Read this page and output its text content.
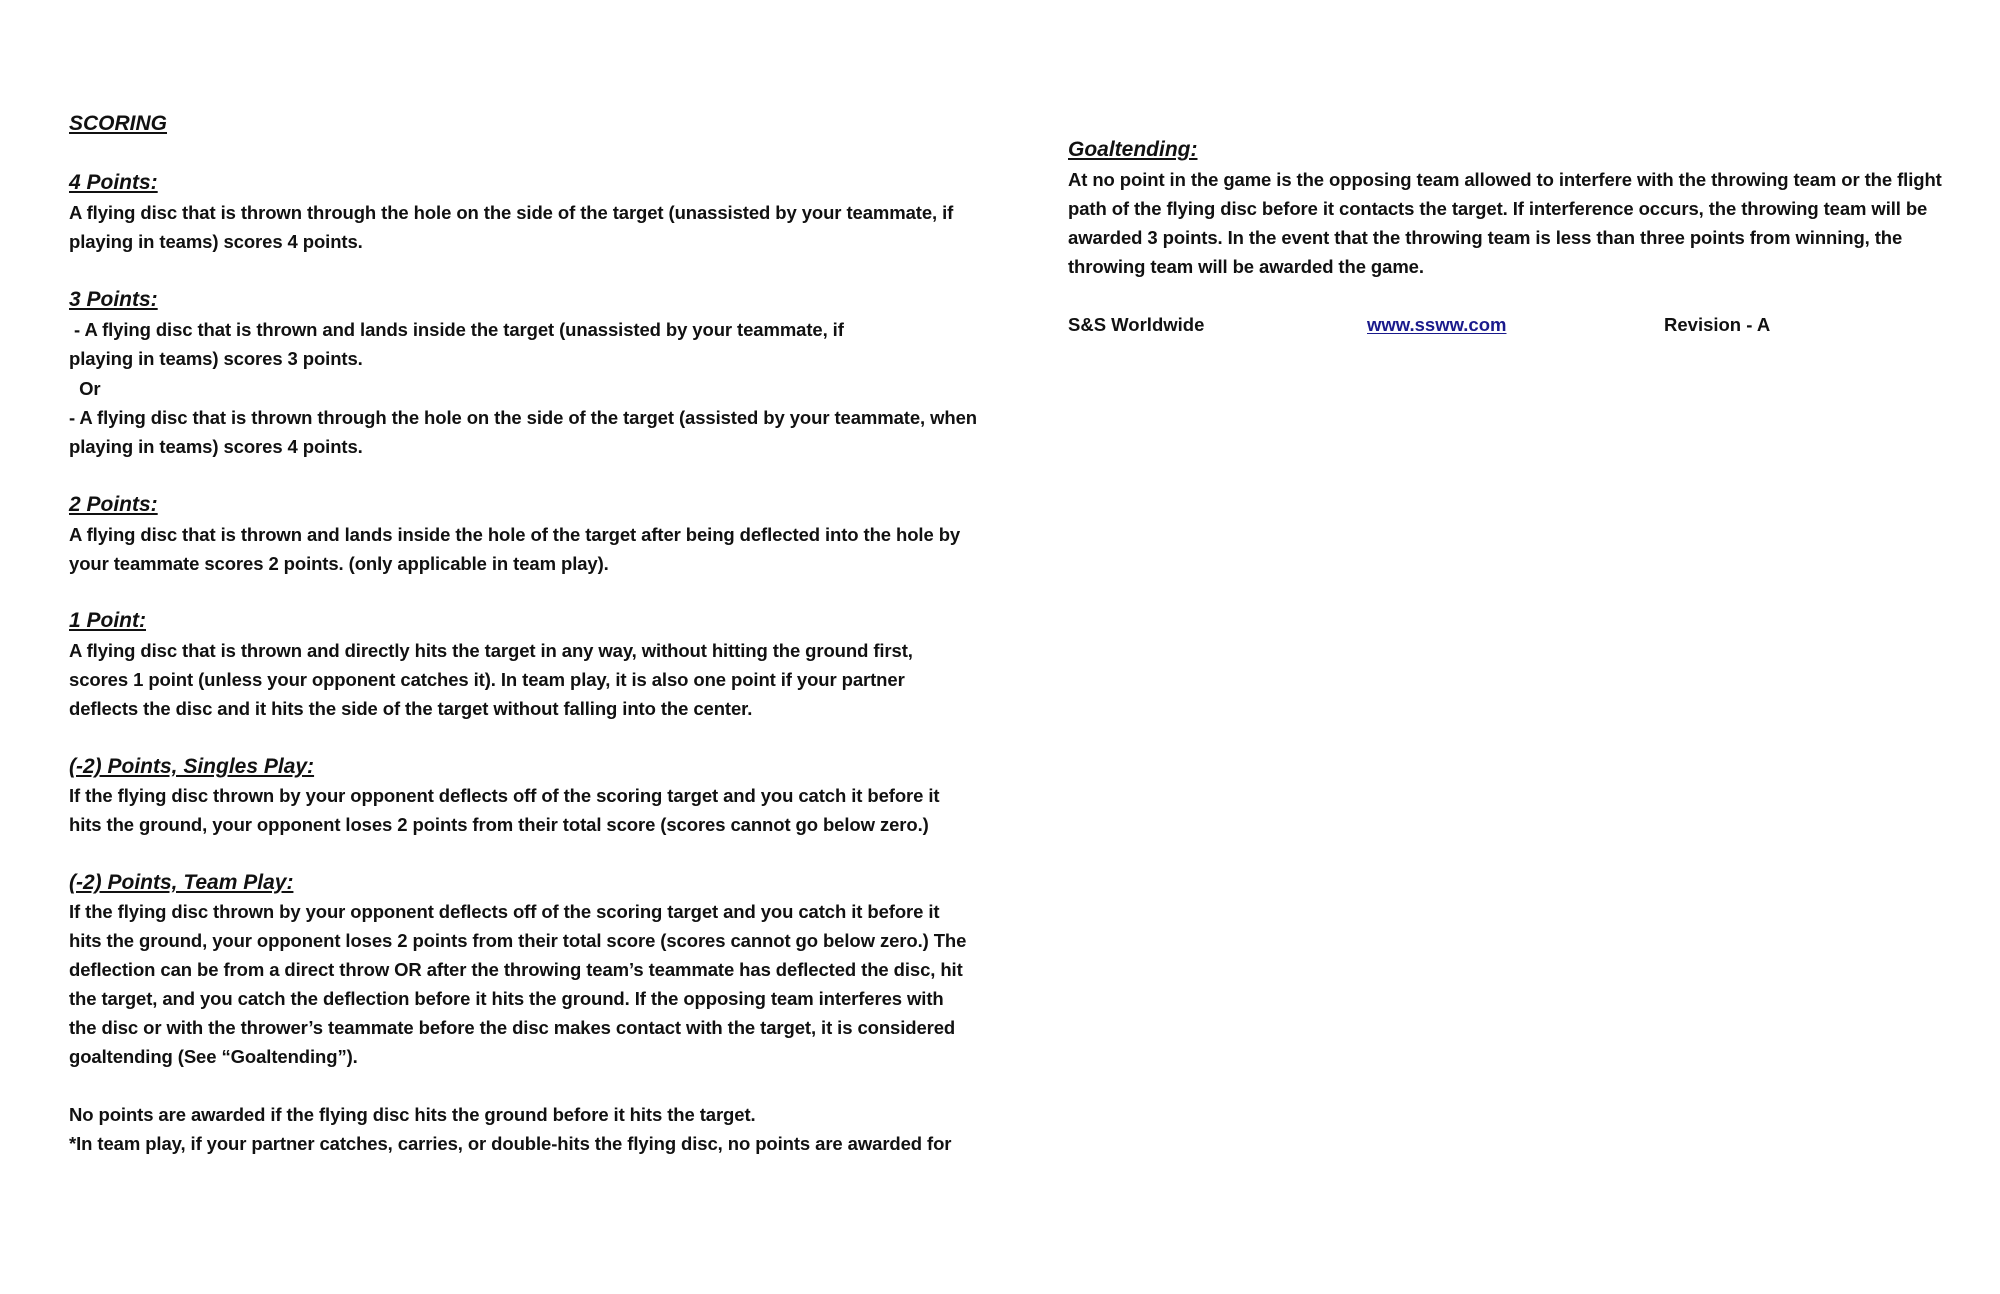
SCORING
4 Points:
A flying disc that is thrown through the hole on the side of the target (unassisted by your teammate, if
playing in teams) scores 4 points.
3 Points:
- A flying disc that is thrown and lands inside the target (unassisted by your teammate, if
playing in teams) scores 3 points.
Or
- A flying disc that is thrown through the hole on the side of the target (assisted by your teammate, when
playing in teams) scores 4 points.
2 Points:
A flying disc that is thrown and lands inside the hole of the target after being deflected into the hole by
your teammate scores 2 points. (only applicable in team play).
1 Point:
A flying disc that is thrown and directly hits the target in any way, without hitting the ground first,
scores 1 point (unless your opponent catches it). In team play, it is also one point if your partner
deflects the disc and it hits the side of the target without falling into the center.
(-2) Points, Singles Play:
If the flying disc thrown by your opponent deflects off of the scoring target and you catch it before it
hits the ground, your opponent loses 2 points from their total score (scores cannot go below zero.)
(-2) Points, Team Play:
If the flying disc thrown by your opponent deflects off of the scoring target and you catch it before it
hits the ground, your opponent loses 2 points from their total score (scores cannot go below zero.) The
deflection can be from a direct throw OR after the throwing team’s teammate has deflected the disc, hit
the target, and you catch the deflection before it hits the ground. If the opposing team interferes with
the disc or with the thrower’s teammate before the disc makes contact with the target, it is considered
goaltending (See “Goaltending”).
No points are awarded if the flying disc hits the ground before it hits the target.
*In team play, if your partner catches, carries, or double-hits the flying disc, no points are awarded for
Goaltending:
At no point in the game is the opposing team allowed to interfere with the throwing team or the flight
path of the flying disc before it contacts the target. If interference occurs, the throwing team will be
awarded 3 points. In the event that the throwing team is less than three points from winning, the
throwing team will be awarded the game.
S&S Worldwide	www.ssww.com	Revision - A
